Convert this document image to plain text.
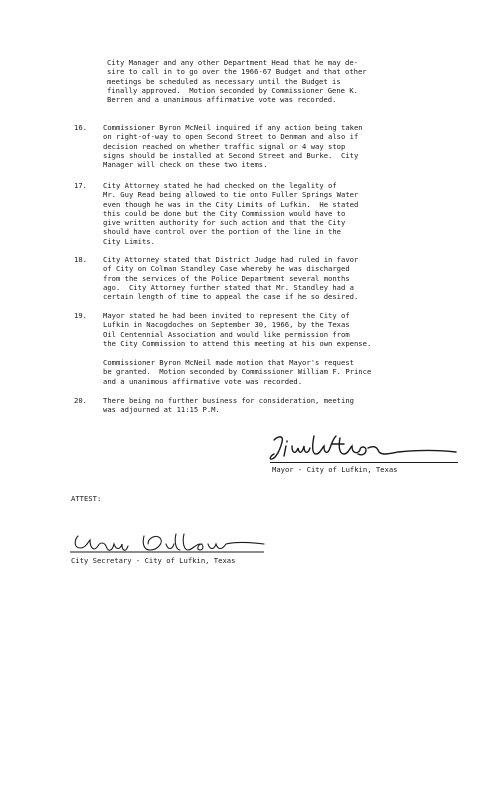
City Manager and any other Department Head that he may de-
sire to call in to go over the 1966-67 Budget and that other
meetings be scheduled as necessary until the Budget is
finally approved.  Motion seconded by Commissioner Gene K.
Berren and a unanimous affirmative vote was recorded.
16. Commissioner Byron McNeil inquired if any action being taken
on right-of-way to open Second Street to Denman and also if
decision reached on whether traffic signal or 4 way stop
signs should be installed at Second Street and Burke.  City
Manager will check on these two items.
17. City Attorney stated he had checked on the legality of
Mr. Guy Read being allowed to tie onto Fuller Springs Water
even though he was in the City Limits of Lufkin.  He stated
this could be done but the City Commission would have to
give written authority for such action and that the City
should have control over the portion of the line in the
City Limits.
18. City Attorney stated that District Judge had ruled in favor
of City on Colman Standley Case whereby he was discharged
from the services of the Police Department several months
ago.  City Attorney further stated that Mr. Standley had a
certain length of time to appeal the case if he so desired.
19. Mayor stated he had been invited to represent the City of
Lufkin in Nacogdoches on September 30, 1966, by the Texas
Oil Centennial Association and would like permission from
the City Commission to attend this meeting at his own expense.
Commissioner Byron McNeil made motion that Mayor's request
be granted.  Motion seconded by Commissioner William F. Prince
and a unanimous affirmative vote was recorded.
20. There being no further business for consideration, meeting
was adjourned at 11:15 P.M.
Mayor - City of Lufkin, Texas
ATTEST:
City Secretary - City of Lufkin, Texas
